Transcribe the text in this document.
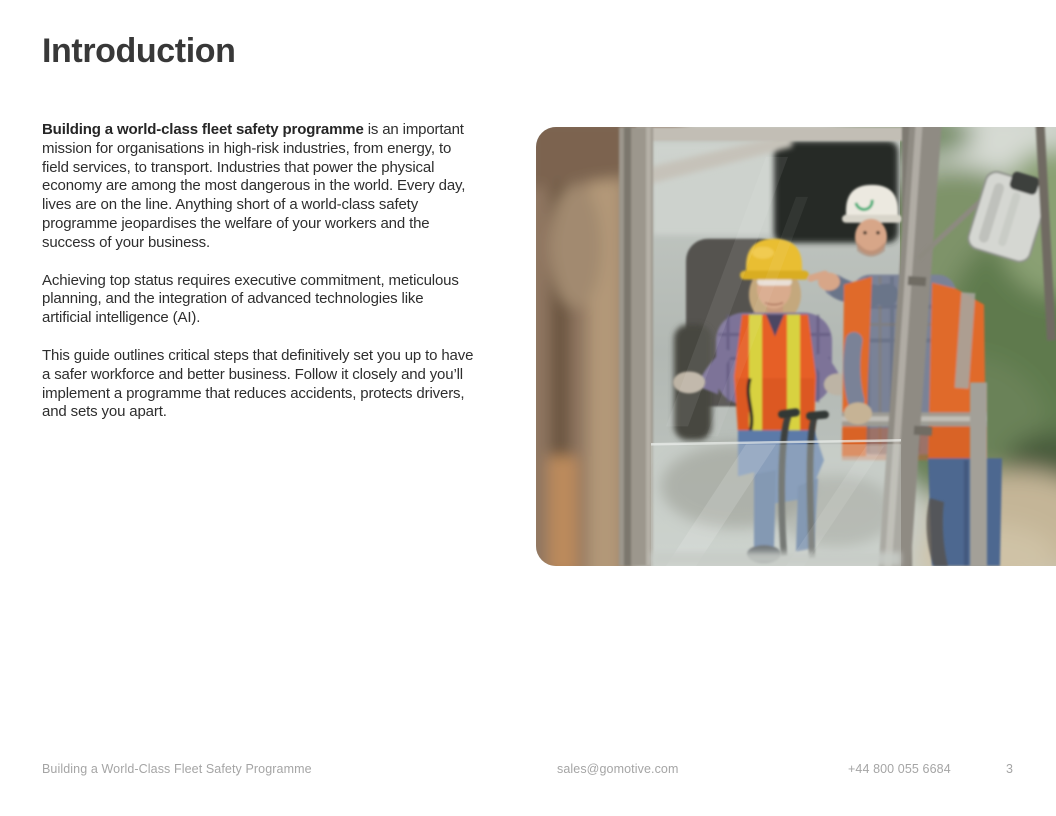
Introduction

Building a world-class fleet safety programme is an important mission for organisations in high-risk industries, from energy, to field services, to transport. Industries that power the physical economy are among the most dangerous in the world. Every day, lives are on the line. Anything short of a world-class safety programme jeopardises the welfare of your workers and the success of your business.

Achieving top status requires executive commitment, meticulous planning, and the integration of advanced technologies like artificial intelligence (AI).

This guide outlines critical steps that definitively set you up to have a safer workforce and better business. Follow it closely and you’ll implement a programme that reduces accidents, protects drivers, and sets you apart.

Building a World-Class Fleet Safety Programme	sales@gomotive.com	+44 800 055 6684	3
